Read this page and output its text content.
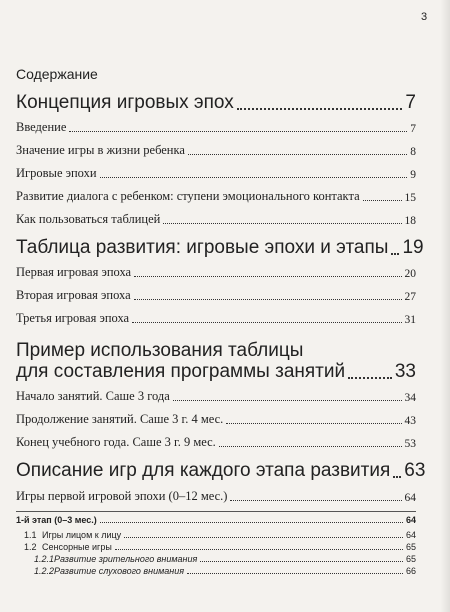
3
Содержание
Концепция игровых эпох	7
Введение	7
Значение игры в жизни ребенка	8
Игровые эпохи	9
Развитие диалога с ребенком: ступени эмоционального контакта	15
Как пользоваться таблицей	18
Таблица развития: игровые эпохи и этапы 19
Первая игровая эпоха	20
Вторая игровая эпоха	27
Третья игровая эпоха	31
Пример использования таблицы
для составления программы занятий	33
Начало занятий. Саше 3 года	34
Продолжение занятий. Саше 3 г. 4 мес.	43
Конец учебного года. Саше 3 г. 9 мес.	53
Описание игр для каждого этапа развития 63
Игры первой игровой эпохи (0–12 мес.)	64
1-й этап (0–3 мес.)	64
1.1 Игры лицом к лицу	64
1.2 Сенсорные игры	65
1.2.1 Развитие зрительного внимания	65
1.2.2 Развитие слухового внимания	66
